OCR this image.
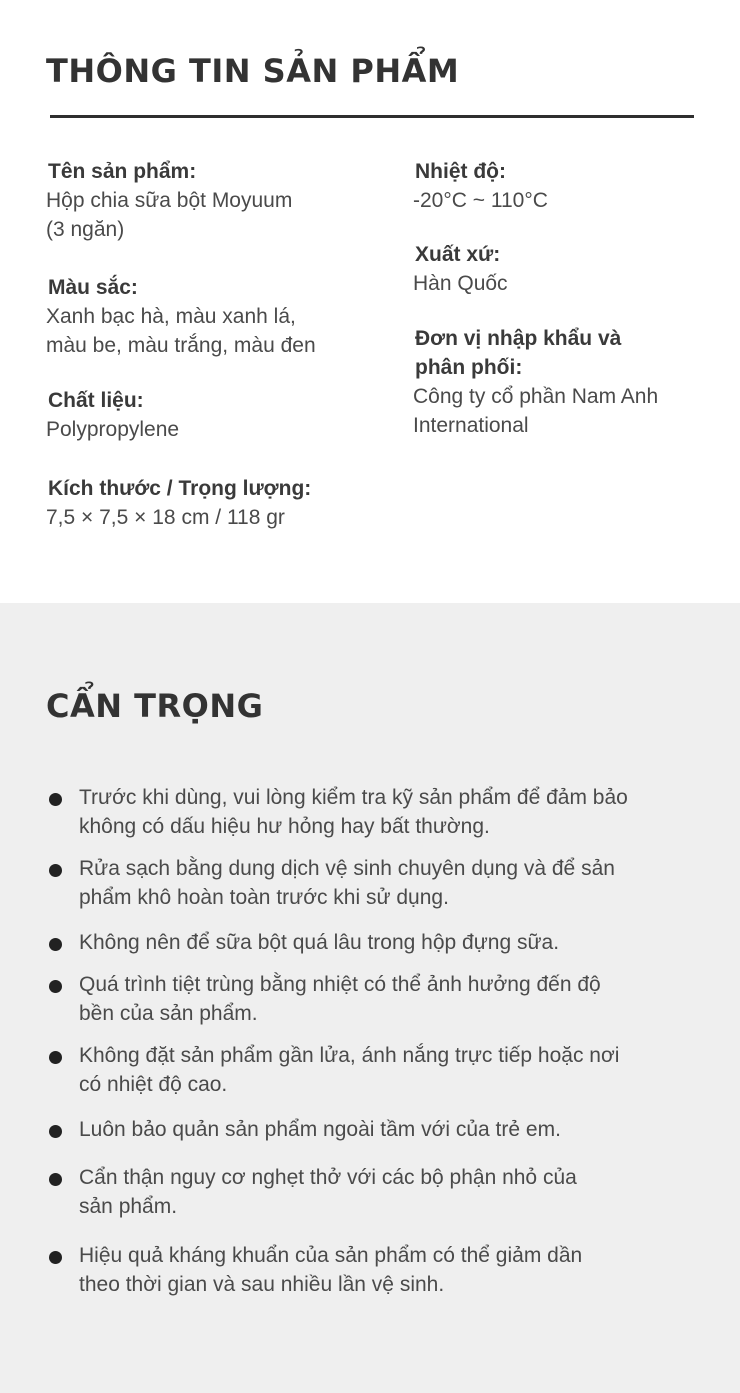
THÔNG TIN SẢN PHẨM
Tên sản phẩm:
Hộp chia sữa bột Moyuum
(3 ngăn)
Màu sắc:
Xanh bạc hà, màu xanh lá,
màu be, màu trắng, màu đen
Chất liệu:
Polypropylene
Kích thước / Trọng lượng:
7,5 × 7,5 × 18 cm / 118 gr
Nhiệt độ:
-20°C ~ 110°C
Xuất xứ:
Hàn Quốc
Đơn vị nhập khẩu và
phân phối:
Công ty cổ phần Nam Anh
International
CẨN TRỌNG
Trước khi dùng, vui lòng kiểm tra kỹ sản phẩm để đảm bảo
không có dấu hiệu hư hỏng hay bất thường.
Rửa sạch bằng dung dịch vệ sinh chuyên dụng và để sản
phẩm khô hoàn toàn trước khi sử dụng.
Không nên để sữa bột quá lâu trong hộp đựng sữa.
Quá trình tiệt trùng bằng nhiệt có thể ảnh hưởng đến độ
bền của sản phẩm.
Không đặt sản phẩm gần lửa, ánh nắng trực tiếp hoặc nơi
có nhiệt độ cao.
Luôn bảo quản sản phẩm ngoài tầm với của trẻ em.
Cẩn thận nguy cơ nghẹt thở với các bộ phận nhỏ của
sản phẩm.
Hiệu quả kháng khuẩn của sản phẩm có thể giảm dần
theo thời gian và sau nhiều lần vệ sinh.
